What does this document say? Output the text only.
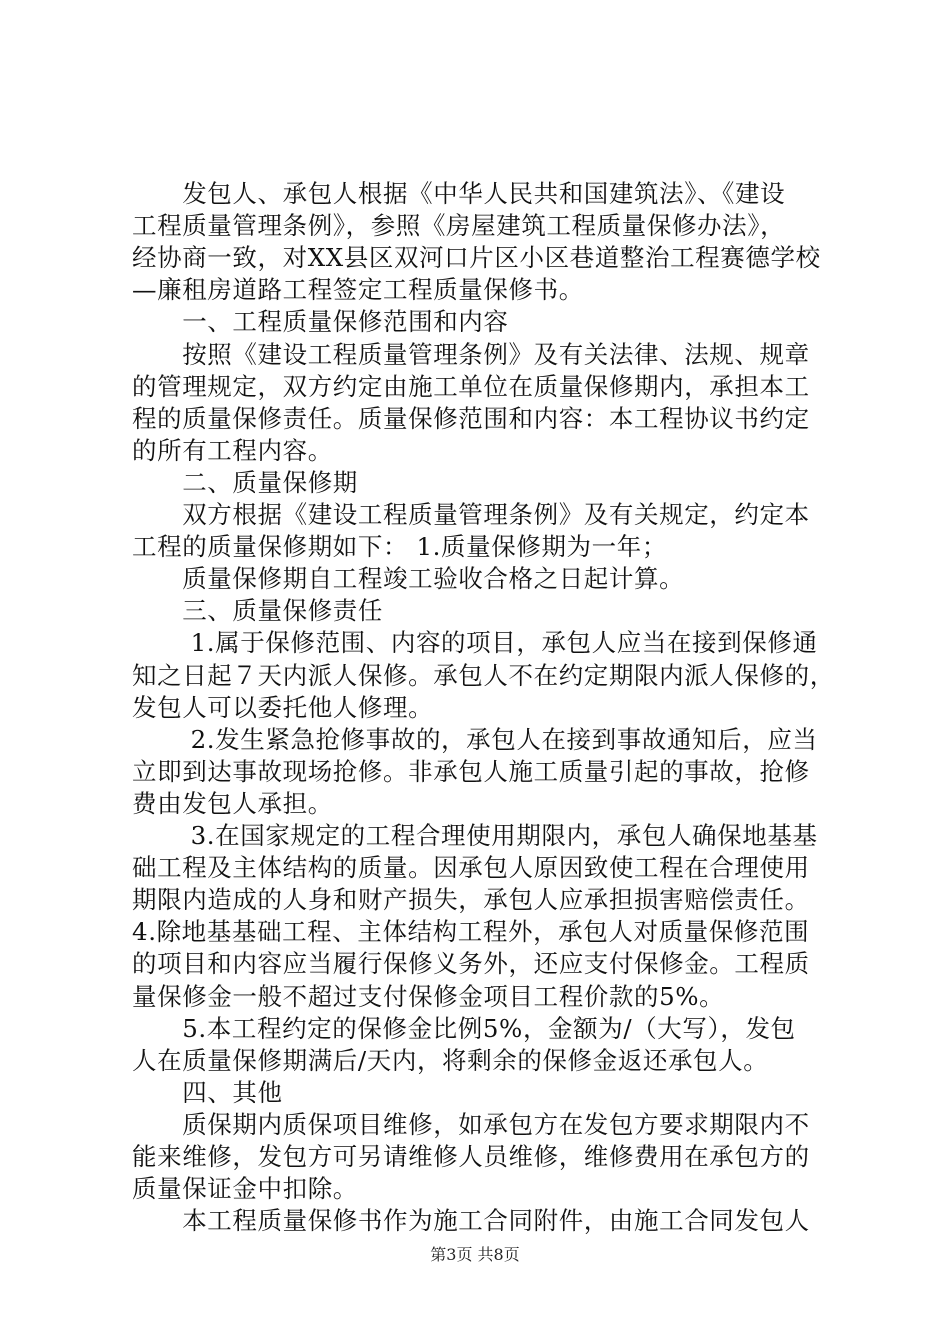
　　发包人、承包人根据《中华人民共和国建筑法》、《建设
工程质量管理条例》，参照《房屋建筑工程质量保修办法》，
经协商一致，对XX县区双河口片区小区巷道整治工程赛德学校
—廉租房道路工程签定工程质量保修书。
　　一、工程质量保修范围和内容
　　按照《建设工程质量管理条例》及有关法律、法规、规章
的管理规定，双方约定由施工单位在质量保修期内，承担本工
程的质量保修责任。质量保修范围和内容：本工程协议书约定
的所有工程内容。
　　二、质量保修期
　　双方根据《建设工程质量管理条例》及有关规定，约定本
工程的质量保修期如下： 1.质量保修期为一年；
　　质量保修期自工程竣工验收合格之日起计算。
　　三、质量保修责任
　　 1.属于保修范围、内容的项目，承包人应当在接到保修通
知之日起７天内派人保修。承包人不在约定期限内派人保修的，
发包人可以委托他人修理。
　　 2.发生紧急抢修事故的，承包人在接到事故通知后，应当
立即到达事故现场抢修。非承包人施工质量引起的事故，抢修
费由发包人承担。
　　 3.在国家规定的工程合理使用期限内，承包人确保地基基
础工程及主体结构的质量。因承包人原因致使工程在合理使用
期限内造成的人身和财产损失，承包人应承担损害赔偿责任。
4.除地基基础工程、主体结构工程外，承包人对质量保修范围
的项目和内容应当履行保修义务外，还应支付保修金。工程质
量保修金一般不超过支付保修金项目工程价款的5%。
　　5.本工程约定的保修金比例5%，金额为/（大写），发包
人在质量保修期满后/天内，将剩余的保修金返还承包人。
　　四、其他
　　质保期内质保项目维修，如承包方在发包方要求期限内不
能来维修，发包方可另请维修人员维修，维修费用在承包方的
质量保证金中扣除。
　　本工程质量保修书作为施工合同附件，由施工合同发包人
第3页 共8页
